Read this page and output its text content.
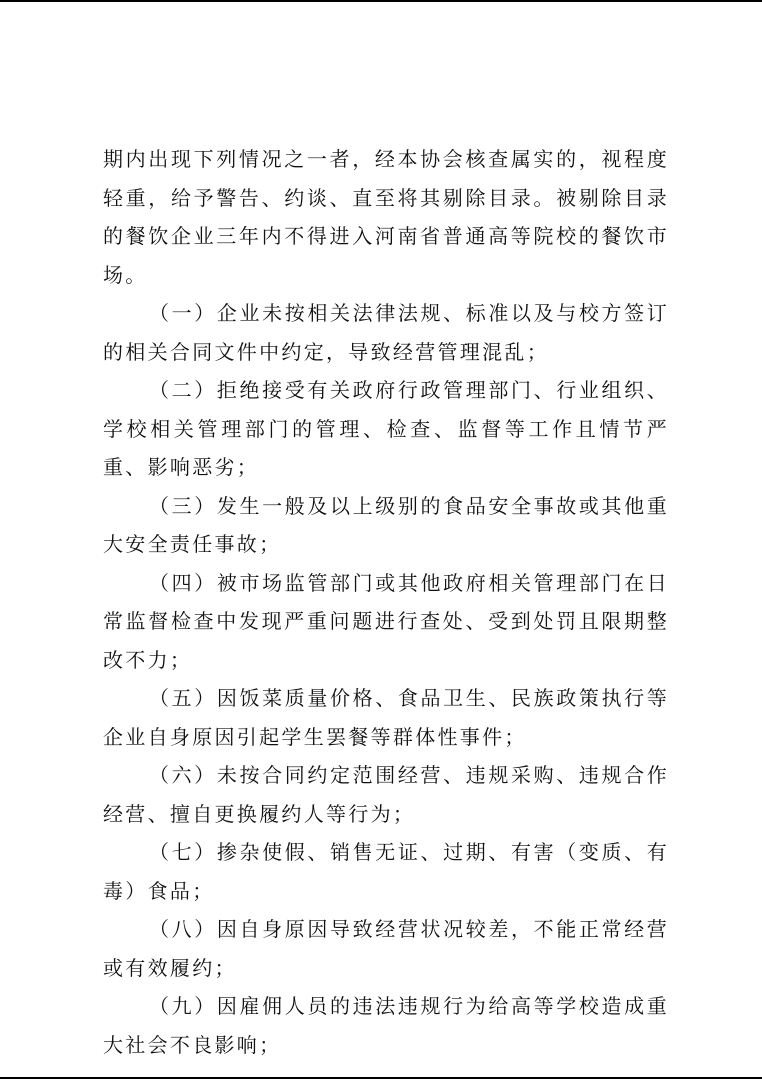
期内出现下列情况之一者，经本协会核查属实的，视程度轻重，给予警告、约谈、直至将其剔除目录。被剔除目录的餐饮企业三年内不得进入河南省普通高等院校的餐饮市场。

（一）企业未按相关法律法规、标准以及与校方签订的相关合同文件中约定，导致经营管理混乱；

（二）拒绝接受有关政府行政管理部门、行业组织、学校相关管理部门的管理、检查、监督等工作且情节严重、影响恶劣；

（三）发生一般及以上级别的食品安全事故或其他重大安全责任事故；

（四）被市场监管部门或其他政府相关管理部门在日常监督检查中发现严重问题进行查处、受到处罚且限期整改不力；

（五）因饭菜质量价格、食品卫生、民族政策执行等企业自身原因引起学生罢餐等群体性事件；

（六）未按合同约定范围经营、违规采购、违规合作经营、擅自更换履约人等行为；

（七）掺杂使假、销售无证、过期、有害（变质、有毒）食品；

（八）因自身原因导致经营状况较差，不能正常经营或有效履约；

（九）因雇佣人员的违法违规行为给高等学校造成重大社会不良影响；
